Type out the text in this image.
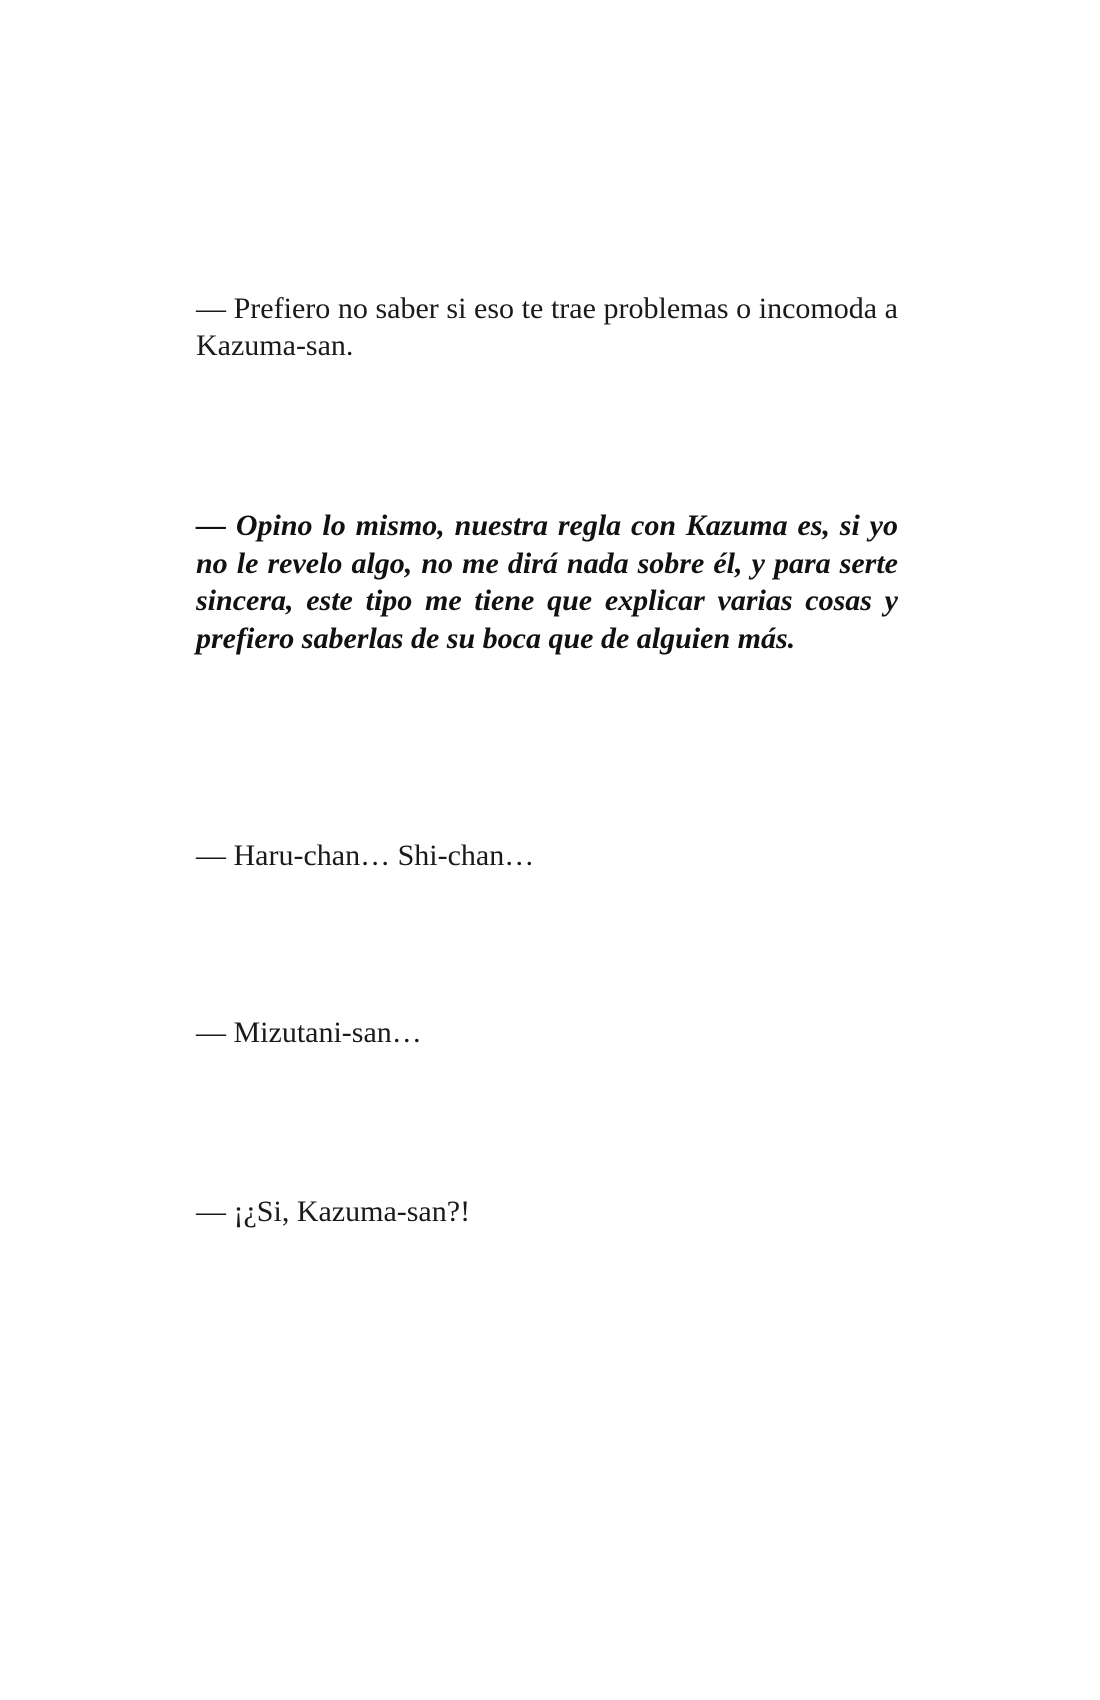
— Prefiero no saber si eso te trae problemas o incomoda a Kazuma-san.

— Opino lo mismo, nuestra regla con Kazuma es, si yo no le revelo algo, no me dirá nada sobre él, y para serte sincera, este tipo me tiene que explicar varias cosas y prefiero saberlas de su boca que de alguien más.

— Haru-chan… Shi-chan…

— Mizutani-san…

— ¡¿Si, Kazuma-san?!
